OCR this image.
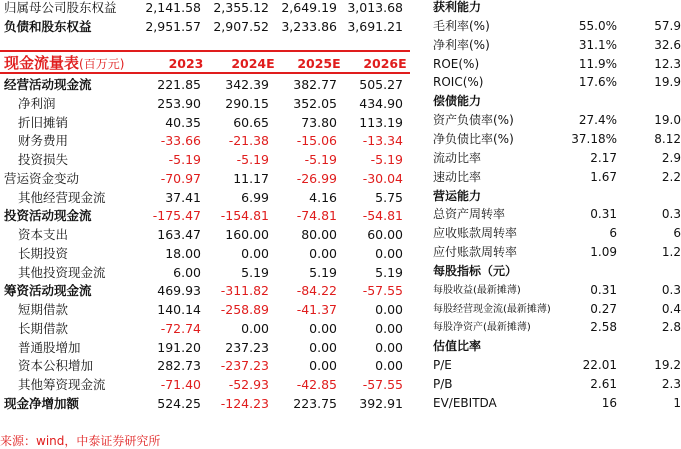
归属母公司股东权益	2,141.58 2,355.12 2,649.19 3,013.68
负债和股东权益	2,951.57 2,907.52 3,233.86 3,691.21
现金流量表(百万元)	2023	2024E	2025E	2026E
经营活动现金流	221.85	342.39	382.77	505.27
净利润	253.90	290.15	352.05	434.90
折旧摊销	40.35	60.65	73.80	113.19
财务费用	-33.66	-21.38	-15.06	-13.34
投资损失	-5.19	-5.19	-5.19	-5.19
营运资金变动	-70.97	11.17	-26.99	-30.04
其他经营现金流	37.41	6.99	4.16	5.75
投资活动现金流	-175.47	-154.81	-74.81	-54.81
资本支出	163.47	160.00	80.00	60.00
长期投资	18.00	0.00	0.00	0.00
其他投资现金流	6.00	5.19	5.19	5.19
筹资活动现金流	469.93	-311.82	-84.22	-57.55
短期借款	140.14	-258.89	-41.37	0.00
长期借款	-72.74	0.00	0.00	0.00
普通股增加	191.20	237.23	0.00	0.00
资本公积增加	282.73	-237.23	0.00	0.00
其他筹资现金流	-71.40	-52.93	-42.85	-57.55
现金净增加额	524.25	-124.23	223.75	392.91
获利能力
毛利率(%)	55.0%	57.9
净利率(%)	31.1%	32.6
ROE(%)	11.9%	12.3
ROIC(%)	17.6%	19.9
偿债能力
资产负债率(%)	27.4%	19.0
净负债比率(%)	37.18%	8.12
流动比率	2.17	2.9
速动比率	1.67	2.2
营运能力
总资产周转率	0.31	0.3
应收账款周转率	6	6
应付账款周转率	1.09	1.2
每股指标（元）
每股收益(最新摊薄)	0.31	0.3
每股经营现金流(最新摊薄)	0.27	0.4
每股净资产(最新摊薄)	2.58	2.8
估值比率
P/E	22.01	19.2
P/B	2.61	2.3
EV/EBITDA	16	1
来源：wind，中泰证券研究所
